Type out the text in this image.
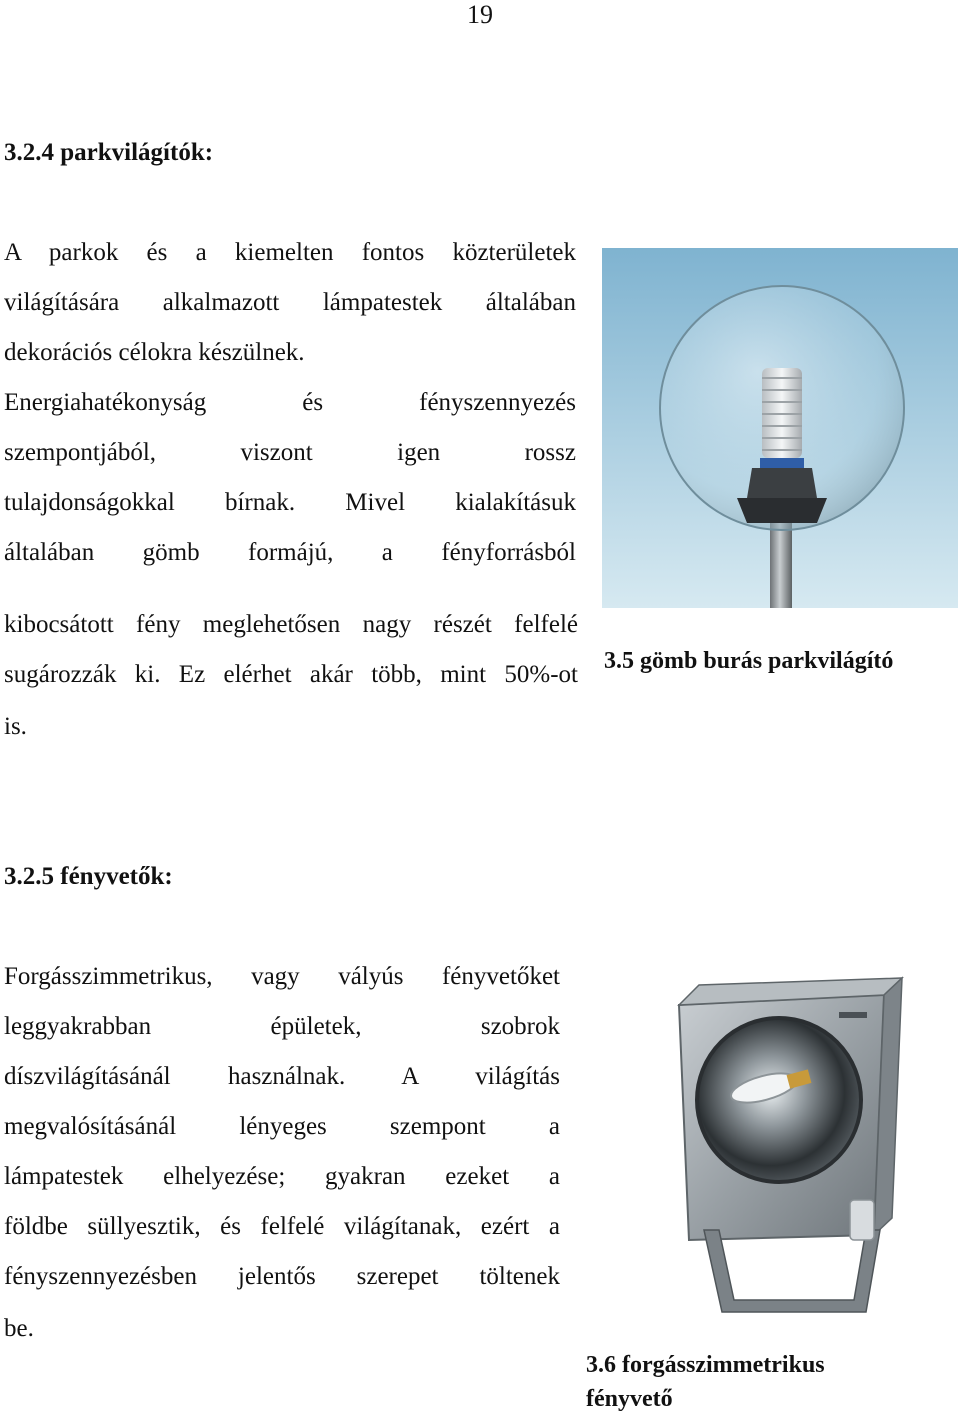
19
3.2.4 parkvilágítók:
A parkok és a kiemelten fontos közterületek
világítására alkalmazott lámpatestek általában
dekorációs célokra készülnek.
Energiahatékonyság és fényszennyezés
szempontjából, viszont igen rossz
tulajdonságokkal bírnak. Mivel kialakításuk
általában gömb formájú, a fényforrásból
kibocsátott fény meglehetősen nagy részét felfelé
sugározzák ki. Ez elérhet akár több, mint 50%-ot
is.
3.5 gömb burás parkvilágító
3.2.5 fényvetők:
Forgásszimmetrikus, vagy vályús fényvetőket
leggyakrabban épületek, szobrok
díszvilágításánál használnak. A világítás
megvalósításánál lényeges szempont a
lámpatestek elhelyezése; gyakran ezeket a
földbe süllyesztik, és felfelé világítanak, ezért a
fényszennyezésben jelentős szerepet töltenek
be.
3.6 forgásszimmetrikus
fényvető
